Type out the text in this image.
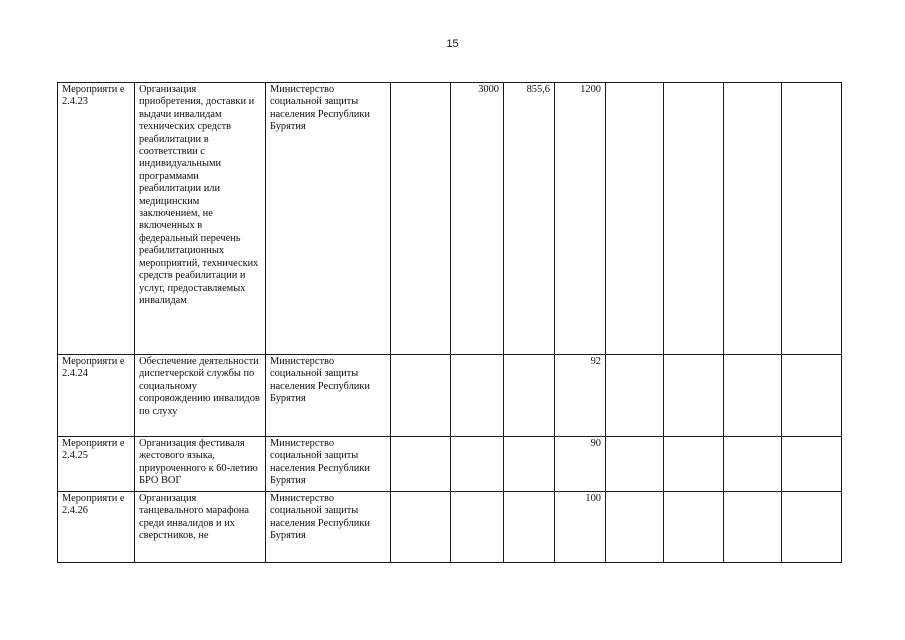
15
Мероприяти е 2.4.23	Организация приобретения, доставки и выдачи инвалидам технических средств реабилитации в соответствии с индивидуальными программами реабилитации или медицинским заключением, не включенных в федеральный перечень реабилитационных мероприятий, технических средств реабилитации и услуг, предоставляемых инвалидам	Министерство социальной защиты населения Республики Бурятия		3000	855,6	1200				
Мероприяти е 2.4.24	Обеспечение деятельности диспетчерской службы по социальному сопровождению инвалидов по слуху	Министерство социальной защиты населения Республики Бурятия				92				
Мероприяти е 2.4.25	Организация фестиваля жестового языка, приуроченного к 60-летию БРО ВОГ	Министерство социальной защиты населения Республики Бурятия				90				
Мероприяти е 2.4.26	Организация танцевального марафона среди инвалидов и их сверстников, не	Министерство социальной защиты населения Республики Бурятия				100				
